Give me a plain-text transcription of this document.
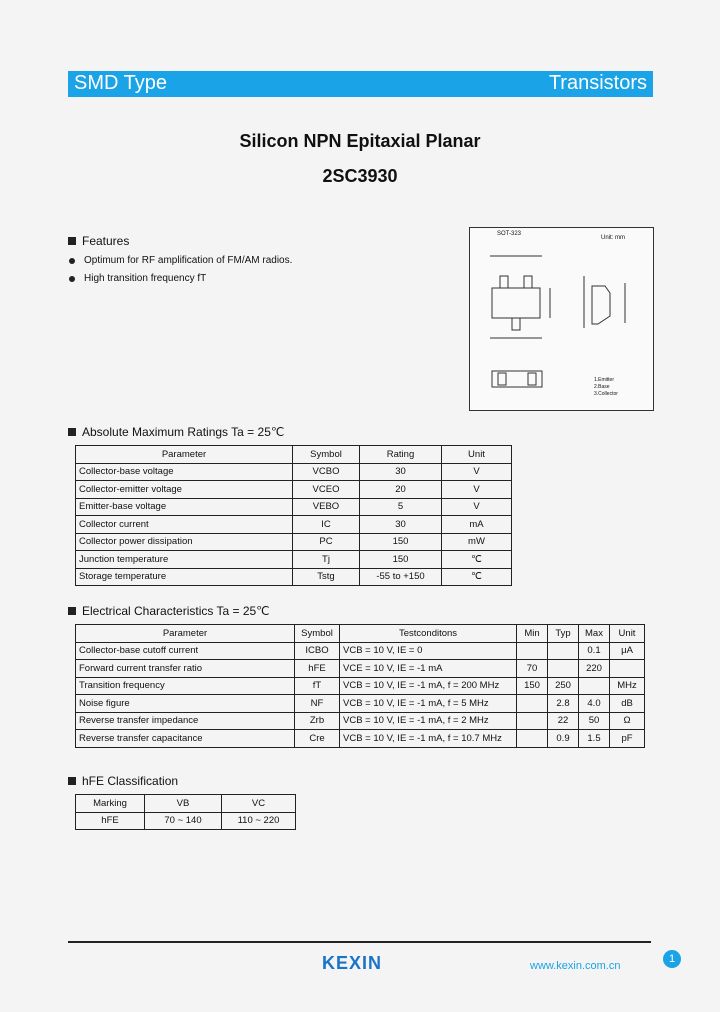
SMD Type	Transistors
Silicon NPN Epitaxial Planar
2SC3930
Features
Optimum for RF amplification of FM/AM radios.
High transition frequency fT
SOT-323
Unit: mm
1.Emitter
2.Base
3.Collector
Absolute Maximum Ratings Ta = 25℃
Parameter	Symbol	Rating	Unit
Collector-base voltage	VCBO	30	V
Collector-emitter voltage	VCEO	20	V
Emitter-base voltage	VEBO	5	V
Collector current	IC	30	mA
Collector power dissipation	PC	150	mW
Junction temperature	Tj	150	℃
Storage temperature	Tstg	-55 to +150	℃
Electrical Characteristics Ta = 25℃
Parameter	Symbol	Testconditons	Min	Typ	Max	Unit
Collector-base cutoff current	ICBO	VCB = 10 V, IE = 0			0.1	μA
Forward current transfer ratio	hFE	VCE = 10 V, IE = -1 mA	70		220	
Transition frequency	fT	VCB = 10 V, IE = -1 mA, f = 200 MHz	150	250		MHz
Noise figure	NF	VCB = 10 V, IE = -1 mA, f = 5 MHz		2.8	4.0	dB
Reverse transfer impedance	Zrb	VCB = 10 V, IE = -1 mA, f = 2 MHz		22	50	Ω
Reverse transfer capacitance	Cre	VCB = 10 V, IE = -1 mA, f = 10.7 MHz		0.9	1.5	pF
hFE Classification
Marking	VB	VC
hFE	70 ~ 140	110 ~ 220
KEXIN	www.kexin.com.cn
1
